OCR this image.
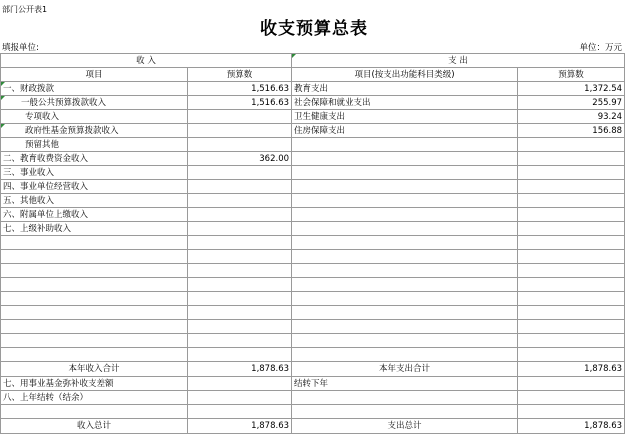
部门公开表1
收支预算总表
填报单位:	单位：万元
收 入		支 出	
项目	预算数	项目(按支出功能科目类级)	预算数
一、财政拨款	1,516.63	教育支出	1,372.54
一般公共预算拨款收入	1,516.63	社会保障和就业支出	255.97
专项收入		卫生健康支出	93.24
政府性基金预算拨款收入		住房保障支出	156.88
预留其他			
二、教育收费资金收入	362.00		
三、事业收入			
四、事业单位经营收入			
五、其他收入			
六、附属单位上缴收入			
七、上级补助收入			

本年收入合计	1,878.63	本年支出合计	1,878.63
七、用事业基金弥补收支差额		结转下年	
八、上年结转（结余）			

收入总计	1,878.63	支出总计	1,878.63
